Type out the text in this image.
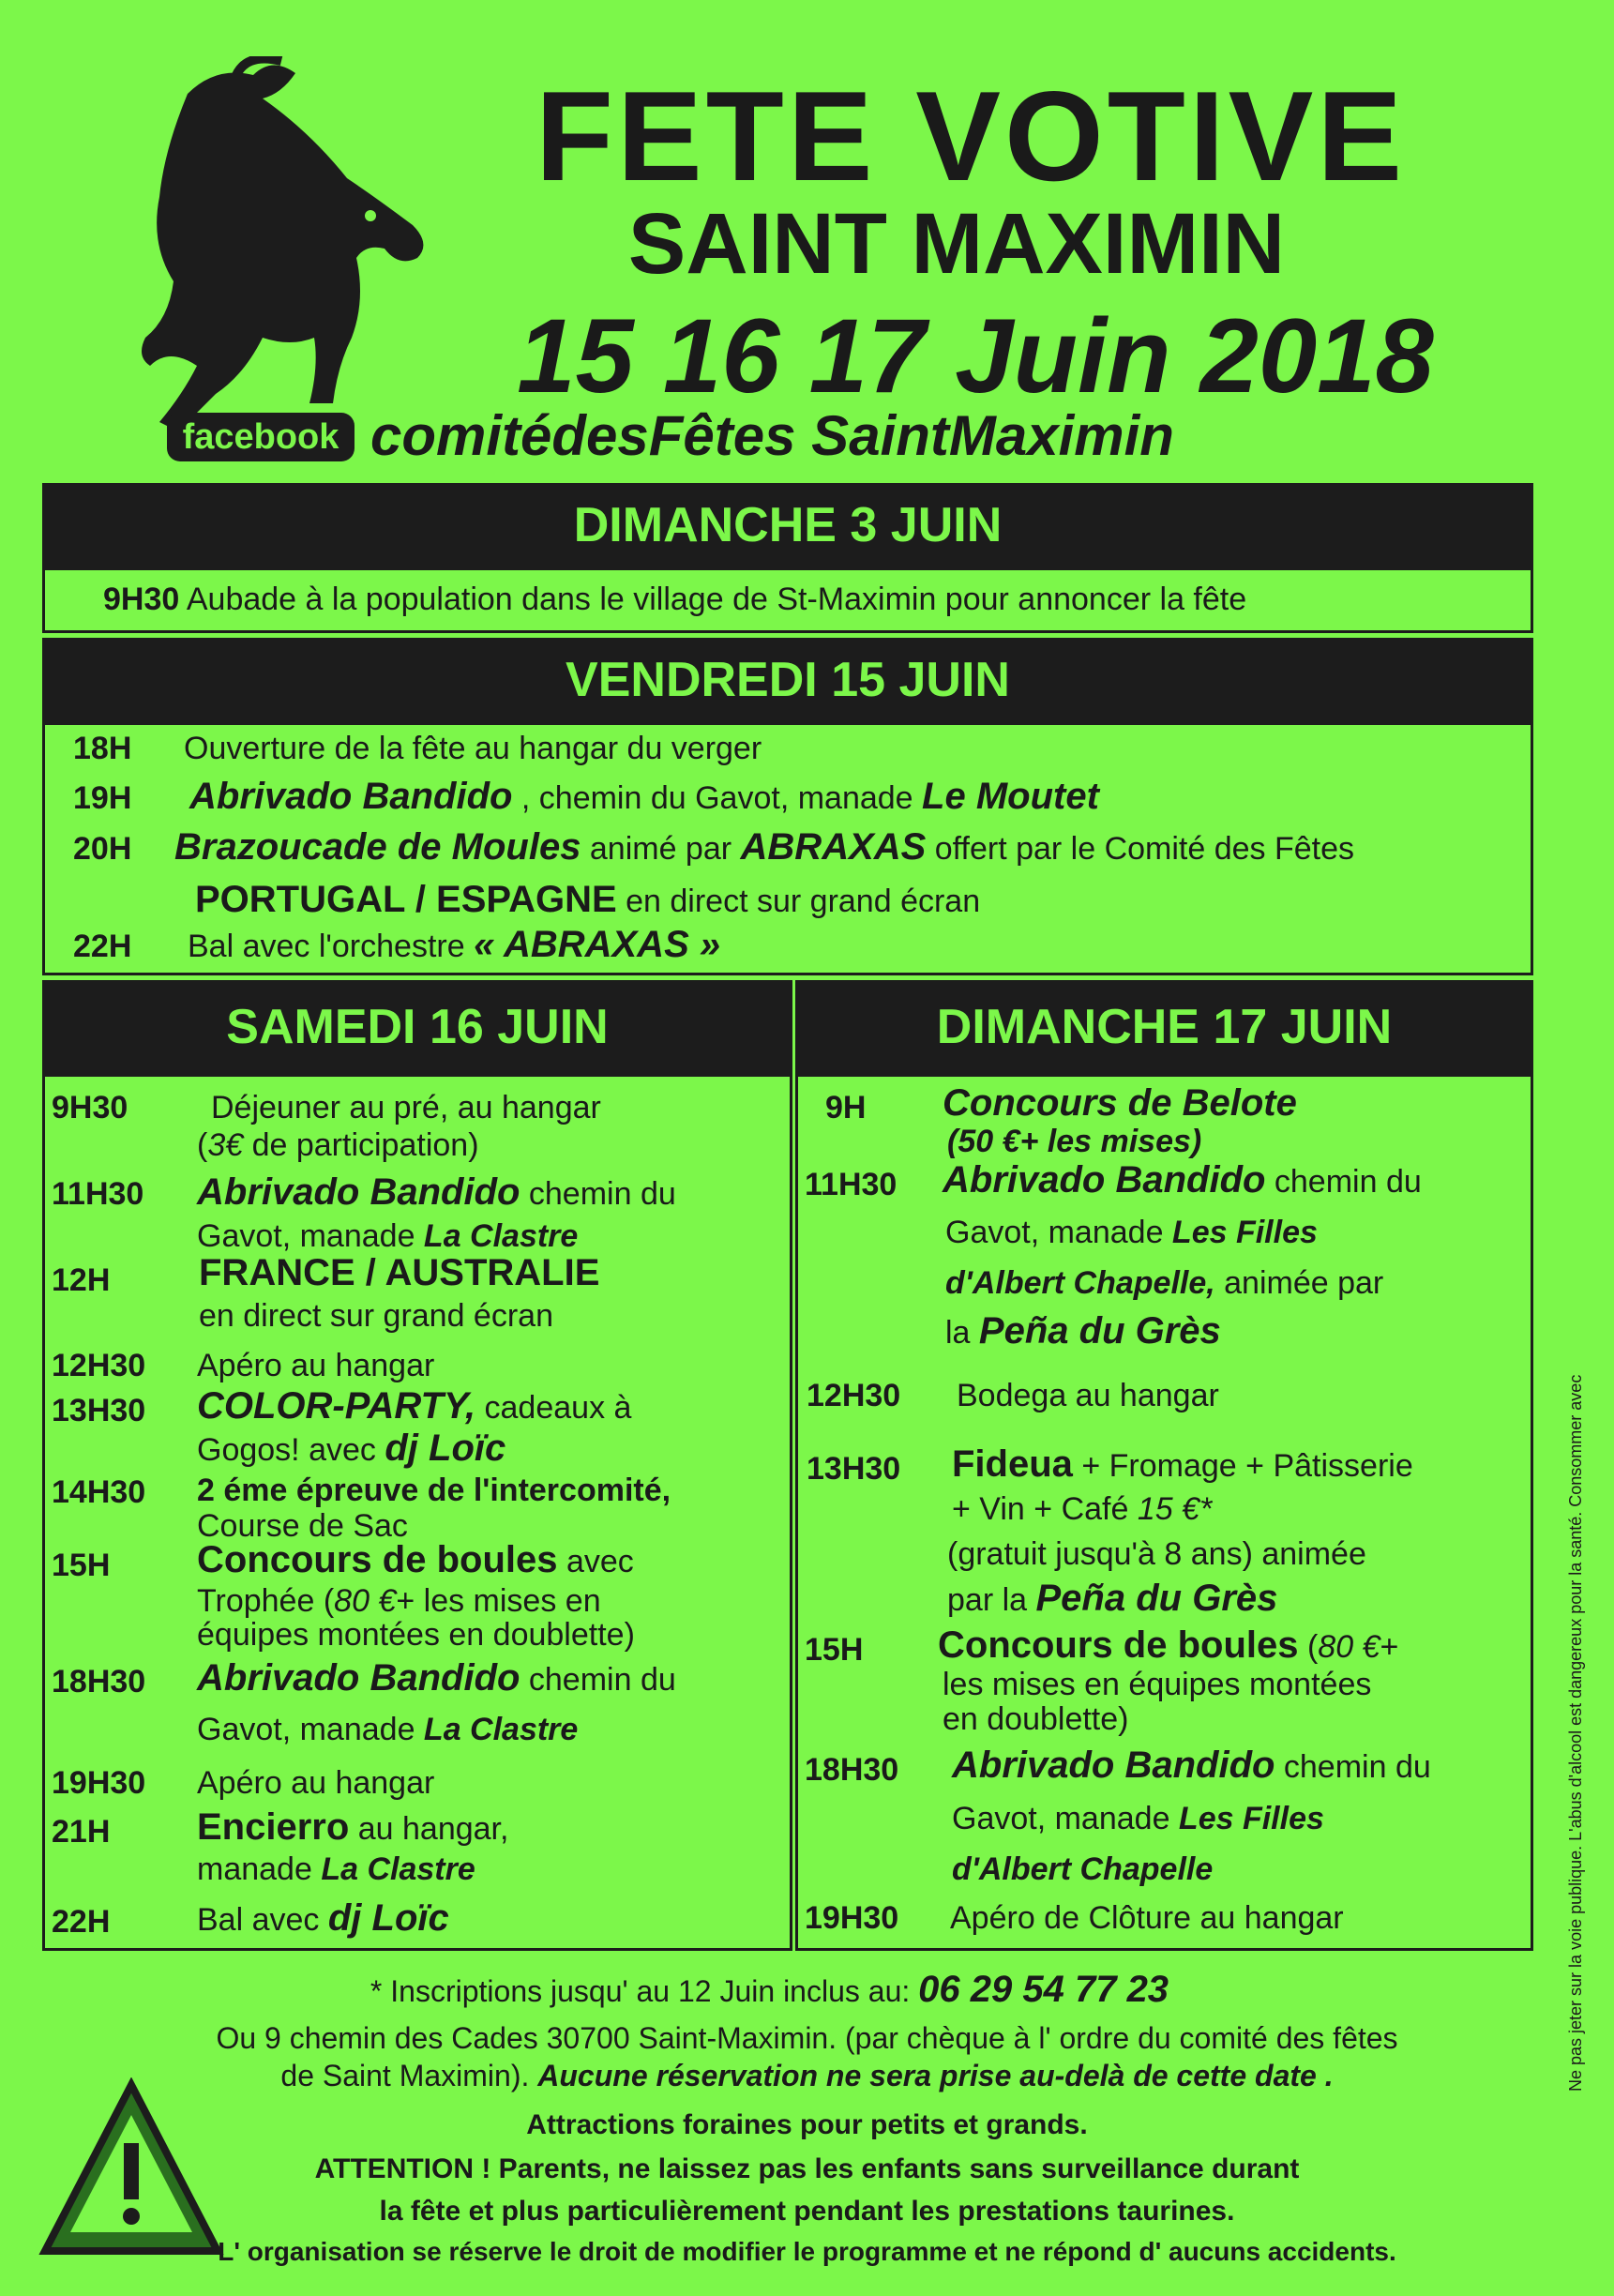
FETE VOTIVE
SAINT MAXIMIN
15 16 17 Juin 2018
facebook comitédesFêtes SaintMaximin
DIMANCHE 3 JUIN
9H30 Aubade à la population dans le village de St-Maximin pour annoncer la fête
VENDREDI 15 JUIN
18H Ouverture de la fête au hangar du verger
19H Abrivado Bandido , chemin du Gavot, manade Le Moutet
20H Brazoucade de Moules animé par ABRAXAS offert par le Comité des Fêtes
PORTUGAL / ESPAGNE en direct sur grand écran
22H Bal avec l'orchestre « ABRAXAS »
SAMEDI 16 JUIN	DIMANCHE 17 JUIN
9H30	Déjeuner au pré, au hangar
(3€ de participation)
11H30 Abrivado Bandido chemin du
Gavot, manade La Clastre
12H FRANCE / AUSTRALIE
en direct sur grand écran
12H30 Apéro au hangar
13H30 COLOR-PARTY, cadeaux à
Gogos! avec dj Loïc
14H30 2 éme épreuve de l'intercomité,
Course de Sac
15H Concours de boules avec
Trophée (80 €+ les mises en
équipes montées en doublette)
18H30 Abrivado Bandido chemin du
Gavot, manade La Clastre
19H30 Apéro au hangar
21H Encierro au hangar,
manade La Clastre
22H	Bal avec dj Loïc
9H Concours de Belote
(50 €+ les mises)
11H30 Abrivado Bandido chemin du
Gavot, manade Les Filles
d'Albert Chapelle, animée par
la Peña du Grès
12H30 Bodega au hangar
13H30 Fideua + Fromage + Pâtisserie
+ Vin + Café 15 €*
(gratuit jusqu'à 8 ans) animée
par la Peña du Grès
15H Concours de boules (80 €+
les mises en équipes montées
en doublette)
18H30 Abrivado Bandido chemin du
Gavot, manade Les Filles
d'Albert Chapelle
19H30 Apéro de Clôture au hangar
* Inscriptions jusqu' au 12 Juin inclus au: 06 29 54 77 23
Ou 9 chemin des Cades 30700 Saint-Maximin. (par chèque à l' ordre du comité des fêtes
de Saint Maximin). Aucune réservation ne sera prise au-delà de cette date .
Attractions foraines pour petits et grands.
ATTENTION ! Parents, ne laissez pas les enfants sans surveillance durant
la fête et plus particulièrement pendant les prestations taurines.
L' organisation se réserve le droit de modifier le programme et ne répond d' aucuns accidents.
Ne pas jeter sur la voie publique. L'abus d'alcool est dangereux pour la santé. Consommer avec
